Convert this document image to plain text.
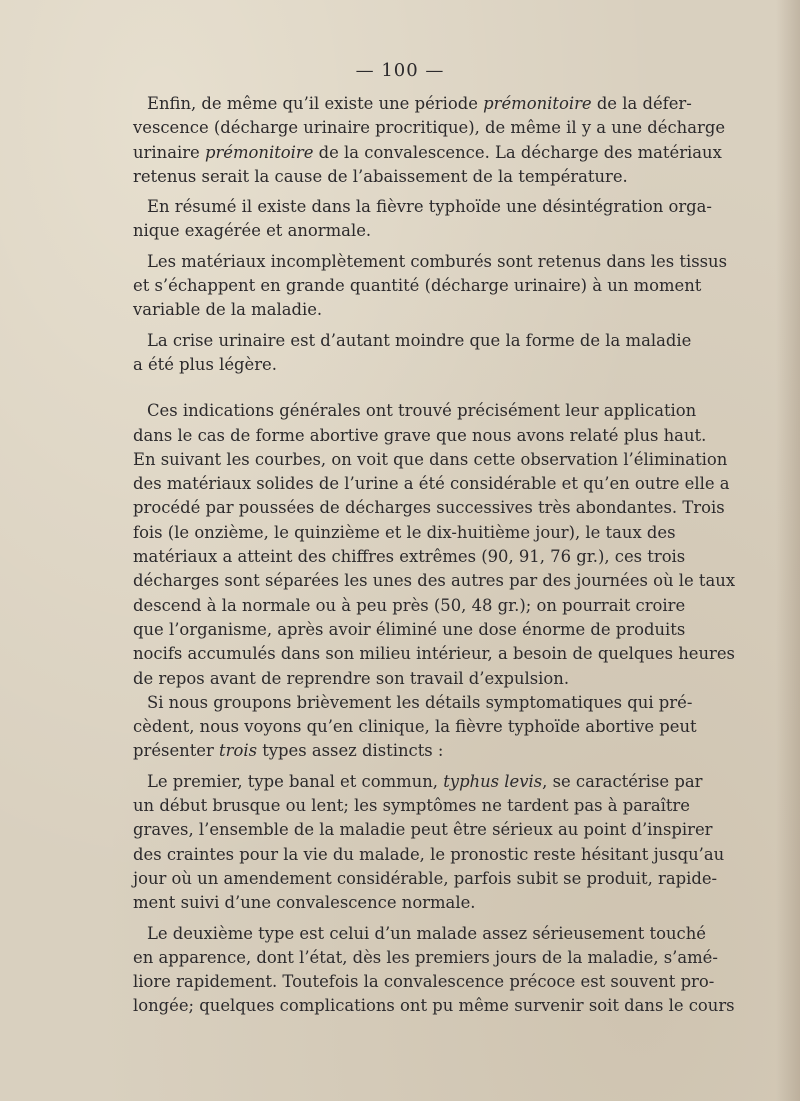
— 100 —

Enfin, de même qu’il existe une période prémonitoire de la défer-
vescence (décharge urinaire procritique), de même il y a une décharge
urinaire prémonitoire de la convalescence. La décharge des matériaux
retenus serait la cause de l’abaissement de la température.

En résumé il existe dans la fièvre typhoïde une désintégration orga-
nique exagérée et anormale.

Les matériaux incomplètement comburés sont retenus dans les tissus
et s’échappent en grande quantité (décharge urinaire) à un moment
variable de la maladie.

La crise urinaire est d’autant moindre que la forme de la maladie
a été plus légère.

Ces indications générales ont trouvé précisément leur application
dans le cas de forme abortive grave que nous avons relaté plus haut.
En suivant les courbes, on voit que dans cette observation l’élimination
des matériaux solides de l’urine a été considérable et qu’en outre elle a
procédé par poussées de décharges successives très abondantes. Trois
fois (le onzième, le quinzième et le dix-huitième jour), le taux des
matériaux a atteint des chiffres extrêmes (90, 91, 76 gr.), ces trois
décharges sont séparées les unes des autres par des journées où le taux
descend à la normale ou à peu près (50, 48 gr.); on pourrait croire
que l’organisme, après avoir éliminé une dose énorme de produits
nocifs accumulés dans son milieu intérieur, a besoin de quelques heures
de repos avant de reprendre son travail d’expulsion.

Si nous groupons brièvement les détails symptomatiques qui pré-
cèdent, nous voyons qu’en clinique, la fièvre typhoïde abortive peut
présenter trois types assez distincts :

Le premier, type banal et commun, typhus levis, se caractérise par
un début brusque ou lent; les symptômes ne tardent pas à paraître
graves, l’ensemble de la maladie peut être sérieux au point d’inspirer
des craintes pour la vie du malade, le pronostic reste hésitant jusqu’au
jour où un amendement considérable, parfois subit se produit, rapide-
ment suivi d’une convalescence normale.

Le deuxième type est celui d’un malade assez sérieusement touché
en apparence, dont l’état, dès les premiers jours de la maladie, s’amé-
liore rapidement. Toutefois la convalescence précoce est souvent pro-
longée; quelques complications ont pu même survenir soit dans le cours
